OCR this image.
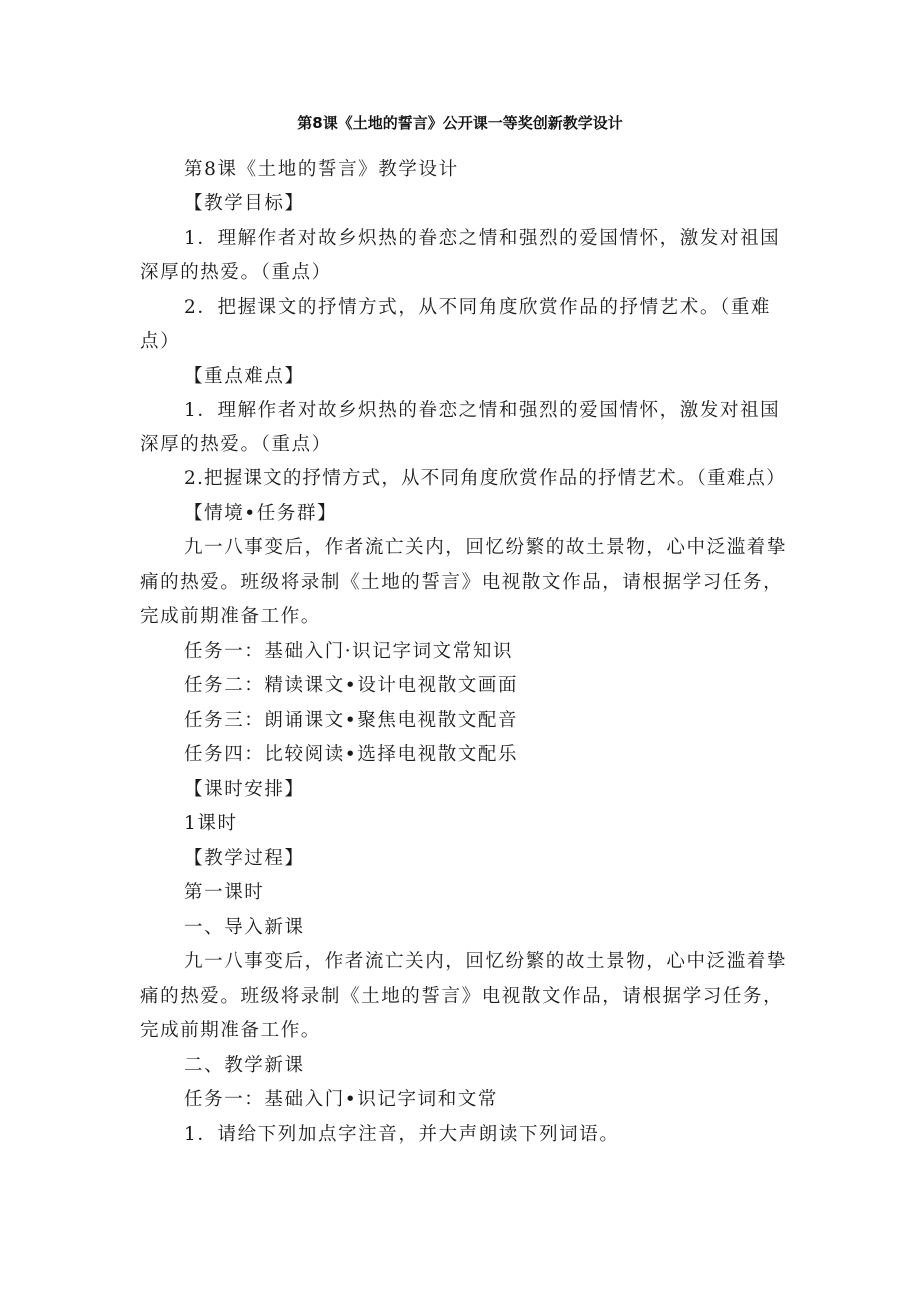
第8课《土地的誓言》公开课一等奖创新教学设计
第8课《土地的誓言》教学设计
【教学目标】
1．理解作者对故乡炽热的眷恋之情和强烈的爱国情怀，激发对祖国
深厚的热爱。（重点）
2．把握课文的抒情方式，从不同角度欣赏作品的抒情艺术。（重难
点）
【重点难点】
1．理解作者对故乡炽热的眷恋之情和强烈的爱国情怀，激发对祖国
深厚的热爱。（重点）
2.把握课文的抒情方式，从不同角度欣赏作品的抒情艺术。（重难点）
【情境•任务群】
九一八事变后，作者流亡关内，回忆纷繁的故土景物，心中泛滥着挚
痛的热爱。班级将录制《土地的誓言》电视散文作品，请根据学习任务，
完成前期准备工作。
任务一：基础入门·识记字词文常知识
任务二：精读课文•设计电视散文画面
任务三：朗诵课文•聚焦电视散文配音
任务四：比较阅读•选择电视散文配乐
【课时安排】
1课时
【教学过程】
第一课时
一、导入新课
九一八事变后，作者流亡关内，回忆纷繁的故土景物，心中泛滥着挚
痛的热爱。班级将录制《土地的誓言》电视散文作品，请根据学习任务，
完成前期准备工作。
二、教学新课
任务一：基础入门•识记字词和文常
1．请给下列加点字注音，并大声朗读下列词语。
